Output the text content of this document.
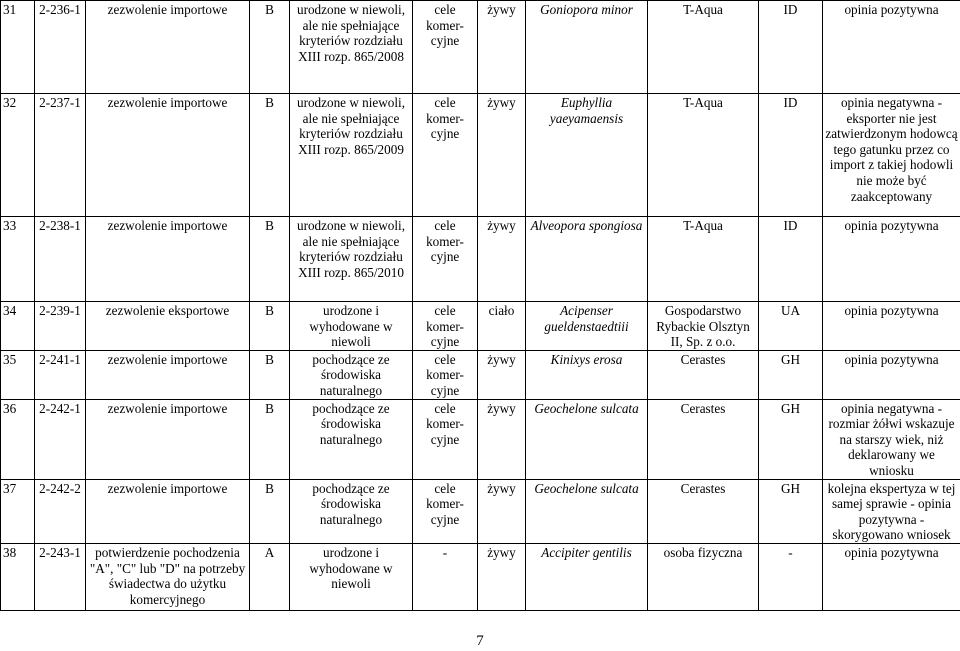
31	2-236-1	zezwolenie importowe	B	urodzone w niewoli, ale nie spełniające kryteriów rozdziału XIII rozp. 865/2008	cele komer-cyjne	żywy	Goniopora minor	T-Aqua	ID	opinia pozytywna
32	2-237-1	zezwolenie importowe	B	urodzone w niewoli, ale nie spełniające kryteriów rozdziału XIII rozp. 865/2009	cele komer-cyjne	żywy	Euphyllia yaeyamaensis	T-Aqua	ID	opinia negatywna - eksporter nie jest zatwierdzonym hodowcą tego gatunku przez co import z takiej hodowli nie może być zaakceptowany
33	2-238-1	zezwolenie importowe	B	urodzone w niewoli, ale nie spełniające kryteriów rozdziału XIII rozp. 865/2010	cele komer-cyjne	żywy	Alveopora spongiosa	T-Aqua	ID	opinia pozytywna
34	2-239-1	zezwolenie eksportowe	B	urodzone i wyhodowane w niewoli	cele komer-cyjne	ciało	Acipenser gueldenstaedtiii	Gospodarstwo Rybackie Olsztyn II, Sp. z o.o.	UA	opinia pozytywna
35	2-241-1	zezwolenie importowe	B	pochodzące ze środowiska naturalnego	cele komer-cyjne	żywy	Kinixys erosa	Cerastes	GH	opinia pozytywna
36	2-242-1	zezwolenie importowe	B	pochodzące ze środowiska naturalnego	cele komer-cyjne	żywy	Geochelone sulcata	Cerastes	GH	opinia negatywna - rozmiar żółwi wskazuje na starszy wiek, niż deklarowany we wniosku
37	2-242-2	zezwolenie importowe	B	pochodzące ze środowiska naturalnego	cele komer-cyjne	żywy	Geochelone sulcata	Cerastes	GH	kolejna ekspertyza w tej samej sprawie - opinia pozytywna - skorygowano wniosek
38	2-243-1	potwierdzenie pochodzenia "A", "C" lub "D" na potrzeby świadectwa do użytku komercyjnego	A	urodzone i wyhodowane w niewoli	-	żywy	Accipiter gentilis	osoba fizyczna	-	opinia pozytywna
7
